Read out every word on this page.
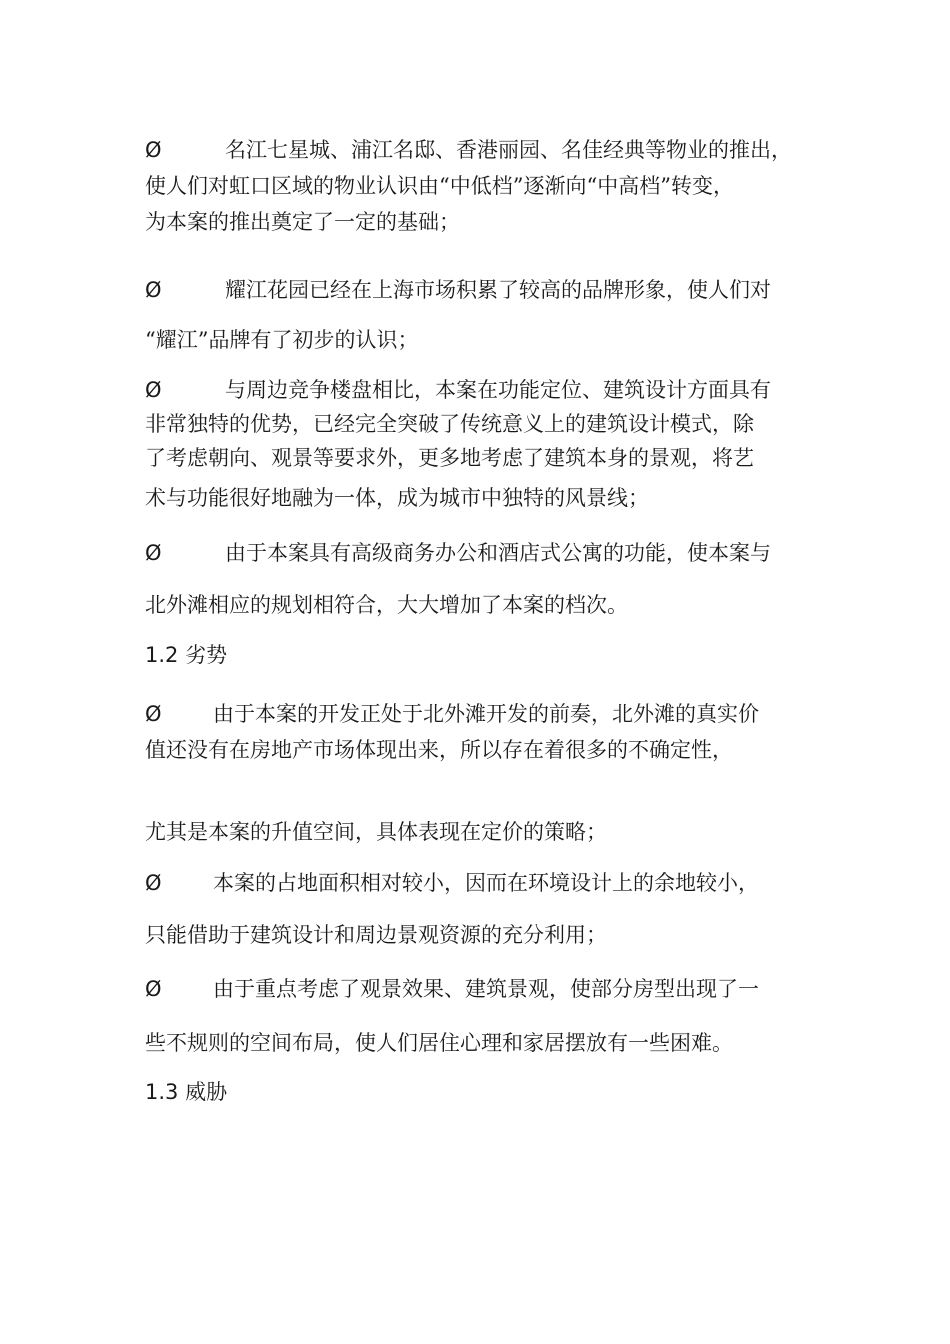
Ø	名江七星城、浦江名邸、香港丽园、名佳经典等物业的推出，
使人们对虹口区域的物业认识由“中低档”逐渐向“中高档”转变，
为本案的推出奠定了一定的基础；
Ø	耀江花园已经在上海市场积累了较高的品牌形象，使人们对
“耀江”品牌有了初步的认识；
Ø	与周边竞争楼盘相比，本案在功能定位、建筑设计方面具有
非常独特的优势，已经完全突破了传统意义上的建筑设计模式，除
了考虑朝向、观景等要求外，更多地考虑了建筑本身的景观，将艺
术与功能很好地融为一体，成为城市中独特的风景线；
Ø	由于本案具有高级商务办公和酒店式公寓的功能，使本案与
北外滩相应的规划相符合，大大增加了本案的档次。
1.2 劣势
Ø 由于本案的开发正处于北外滩开发的前奏，北外滩的真实价
值还没有在房地产市场体现出来，所以存在着很多的不确定性，
尤其是本案的升值空间，具体表现在定价的策略；
Ø 本案的占地面积相对较小，因而在环境设计上的余地较小，
只能借助于建筑设计和周边景观资源的充分利用；
Ø 由于重点考虑了观景效果、建筑景观，使部分房型出现了一
些不规则的空间布局，使人们居住心理和家居摆放有一些困难。
1.3 威胁
